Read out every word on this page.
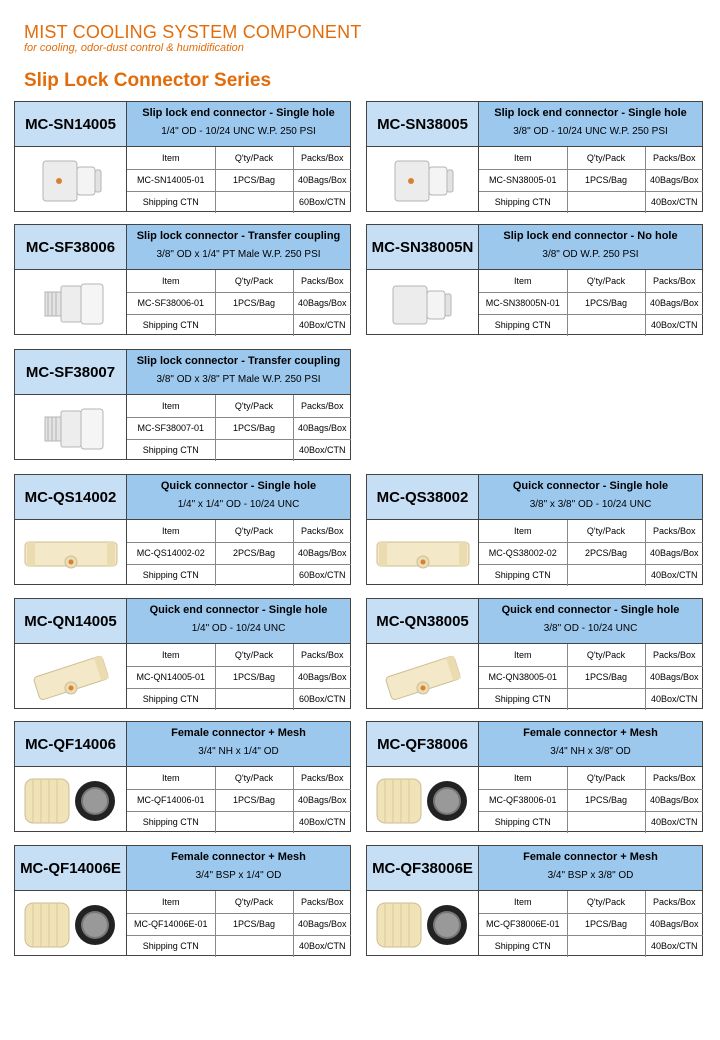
MIST COOLING SYSTEM COMPONENT
for cooling, odor-dust control & humidification
Slip Lock Connector Series
MC-SN14005
Slip lock end connector - Single hole
1/4" OD - 10/24 UNC W.P. 250 PSI
Item	Q'ty/Pack	Packs/Box
MC-SN14005-01	1PCS/Bag	40Bags/Box
Shipping CTN		60Box/CTN
MC-SN38005
Slip lock end connector - Single hole
3/8" OD - 10/24 UNC W.P. 250 PSI
Item	Q'ty/Pack	Packs/Box
MC-SN38005-01	1PCS/Bag	40Bags/Box
Shipping CTN		40Box/CTN
MC-SF38006
Slip lock connector - Transfer coupling
3/8" OD x 1/4" PT Male W.P. 250 PSI
Item	Q'ty/Pack	Packs/Box
MC-SF38006-01	1PCS/Bag	40Bags/Box
Shipping CTN		40Box/CTN
MC-SN38005N
Slip lock end connector - No hole
3/8" OD W.P. 250 PSI
Item	Q'ty/Pack	Packs/Box
MC-SN38005N-01	1PCS/Bag	40Bags/Box
Shipping CTN		40Box/CTN
MC-SF38007
Slip lock connector - Transfer coupling
3/8" OD x 3/8" PT Male W.P. 250 PSI
Item	Q'ty/Pack	Packs/Box
MC-SF38007-01	1PCS/Bag	40Bags/Box
Shipping CTN		40Box/CTN
MC-QS14002
Quick connector - Single hole
1/4" x 1/4" OD - 10/24 UNC
Item	Q'ty/Pack	Packs/Box
MC-QS14002-02	2PCS/Bag	40Bags/Box
Shipping CTN		60Box/CTN
MC-QS38002
Quick connector - Single hole
3/8" x 3/8" OD - 10/24 UNC
Item	Q'ty/Pack	Packs/Box
MC-QS38002-02	2PCS/Bag	40Bags/Box
Shipping CTN		40Box/CTN
MC-QN14005
Quick end connector - Single hole
1/4" OD - 10/24 UNC
Item	Q'ty/Pack	Packs/Box
MC-QN14005-01	1PCS/Bag	40Bags/Box
Shipping CTN		60Box/CTN
MC-QN38005
Quick end connector - Single hole
3/8" OD - 10/24 UNC
Item	Q'ty/Pack	Packs/Box
MC-QN38005-01	1PCS/Bag	40Bags/Box
Shipping CTN		40Box/CTN
MC-QF14006
Female connector + Mesh
3/4" NH x 1/4" OD
Item	Q'ty/Pack	Packs/Box
MC-QF14006-01	1PCS/Bag	40Bags/Box
Shipping CTN		40Box/CTN
MC-QF38006
Female connector + Mesh
3/4" NH x 3/8" OD
Item	Q'ty/Pack	Packs/Box
MC-QF38006-01	1PCS/Bag	40Bags/Box
Shipping CTN		40Box/CTN
MC-QF14006E
Female connector + Mesh
3/4" BSP x 1/4" OD
Item	Q'ty/Pack	Packs/Box
MC-QF14006E-01	1PCS/Bag	40Bags/Box
Shipping CTN		40Box/CTN
MC-QF38006E
Female connector + Mesh
3/4" BSP x 3/8" OD
Item	Q'ty/Pack	Packs/Box
MC-QF38006E-01	1PCS/Bag	40Bags/Box
Shipping CTN		40Box/CTN
